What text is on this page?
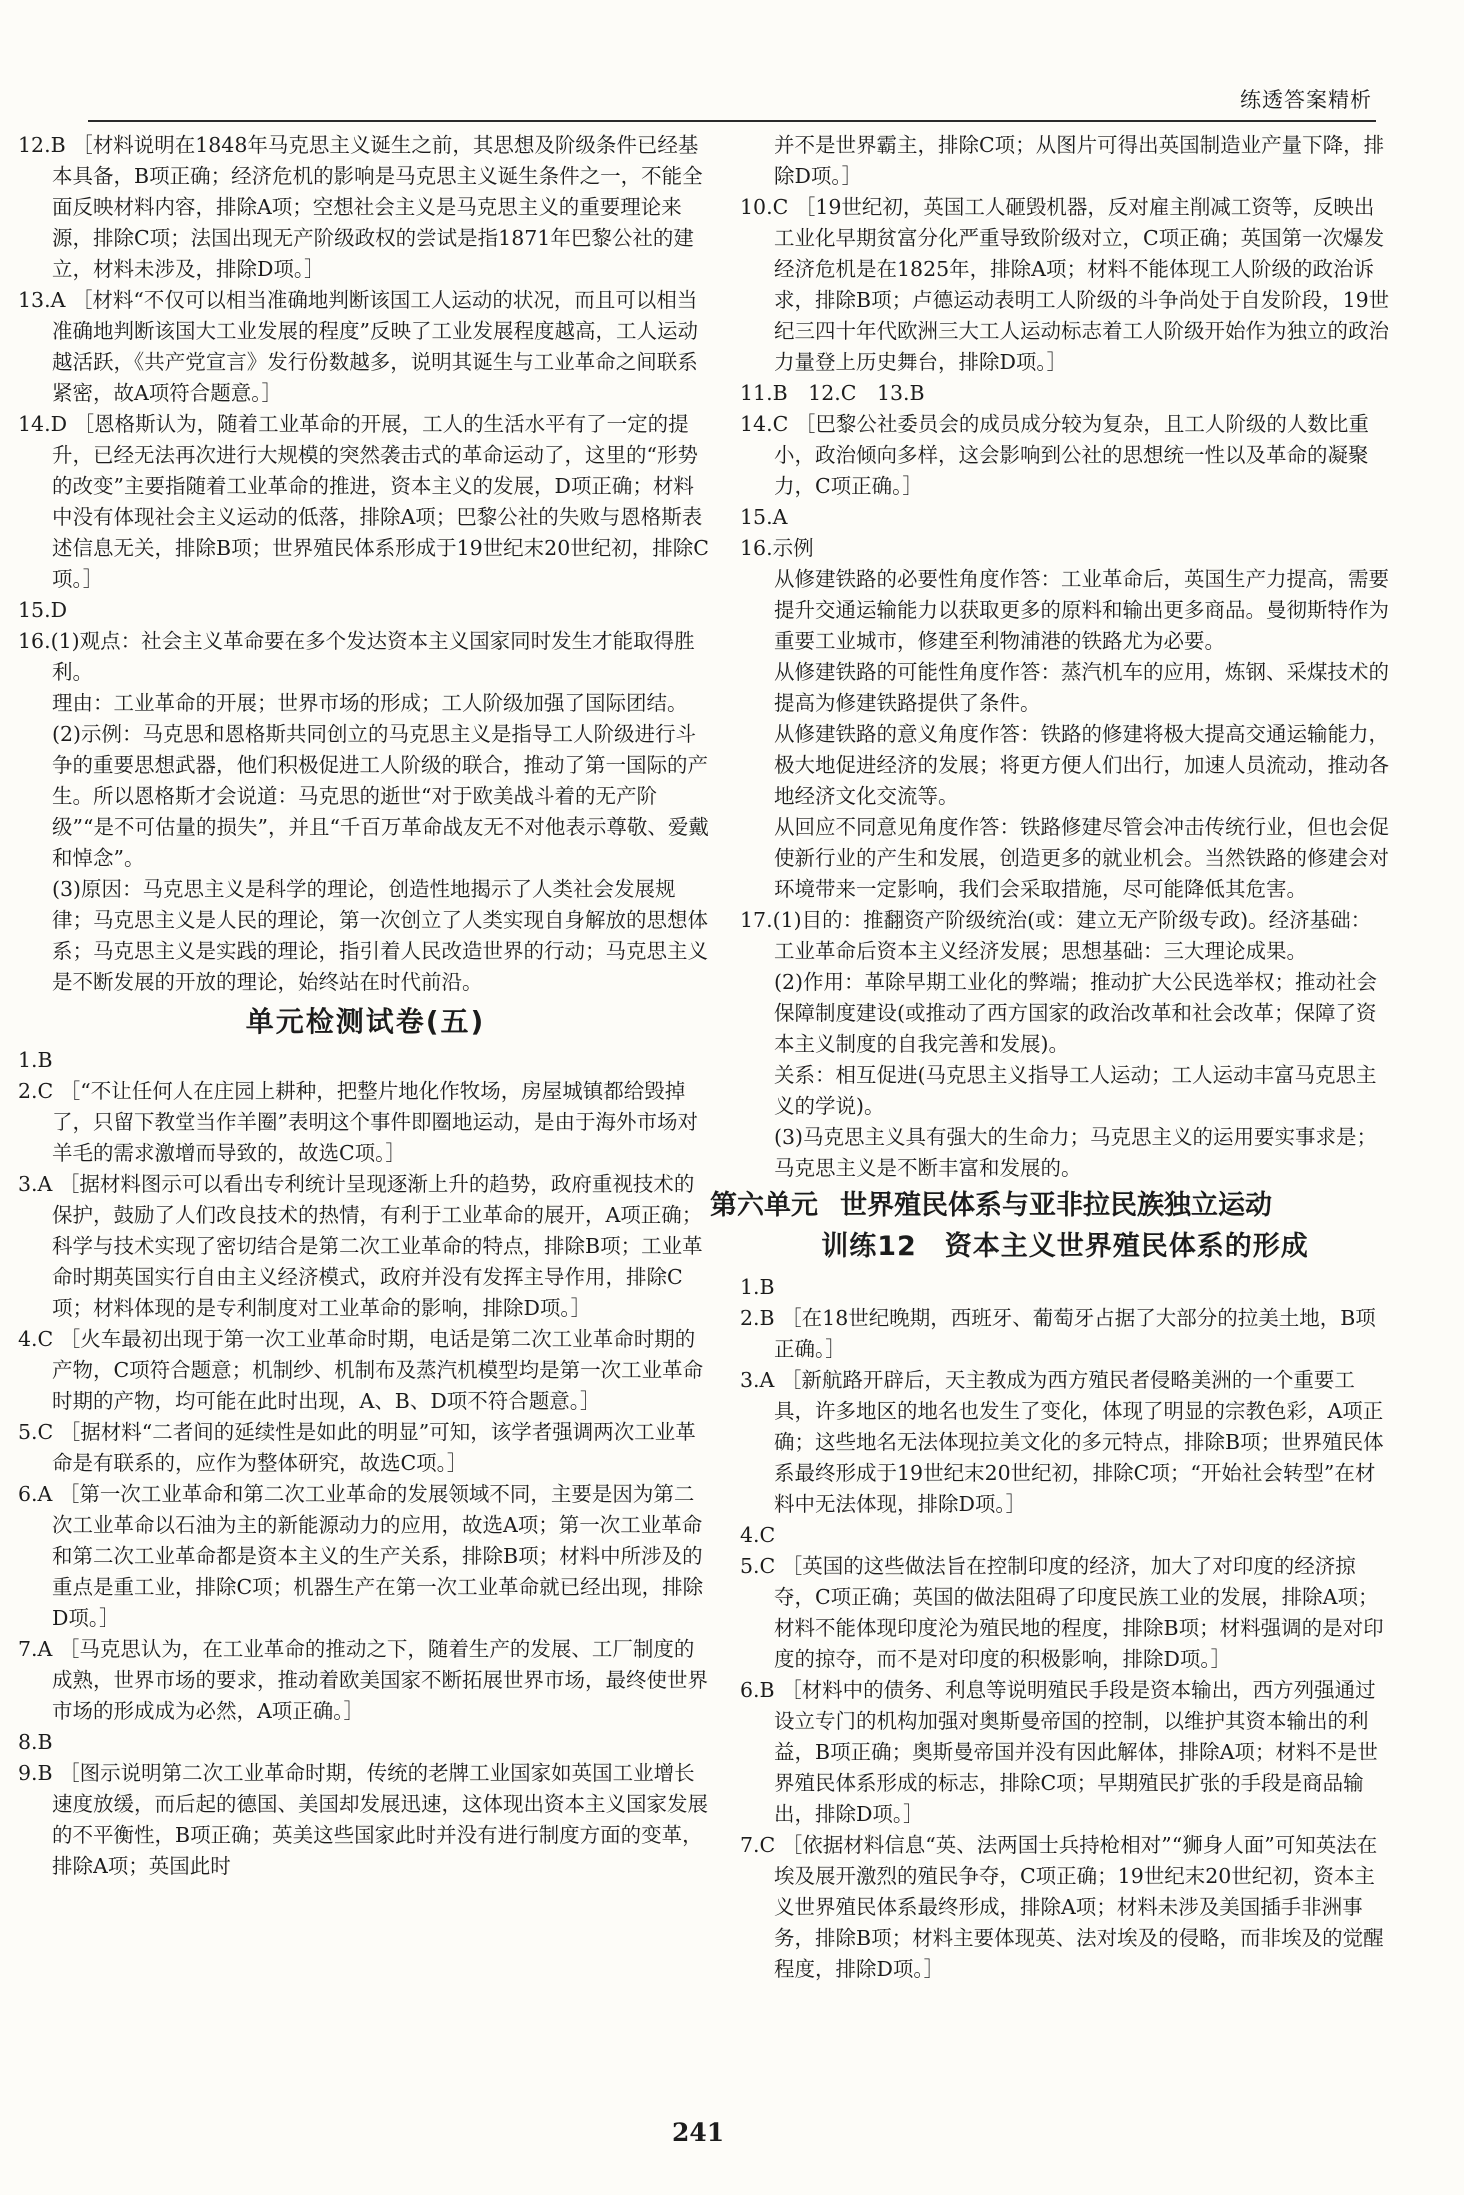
练透答案精析

12.B ［材料说明在1848年马克思主义诞生之前，其思想及阶级条件已经基本具备，B项正确；经济危机的影响是马克思主义诞生条件之一，不能全面反映材料内容，排除A项；空想社会主义是马克思主义的重要理论来源，排除C项；法国出现无产阶级政权的尝试是指1871年巴黎公社的建立，材料未涉及，排除D项。］

13.A ［材料“不仅可以相当准确地判断该国工人运动的状况，而且可以相当准确地判断该国大工业发展的程度”反映了工业发展程度越高，工人运动越活跃，《共产党宣言》发行份数越多，说明其诞生与工业革命之间联系紧密，故A项符合题意。］

14.D ［恩格斯认为，随着工业革命的开展，工人的生活水平有了一定的提升，已经无法再次进行大规模的突然袭击式的革命运动了，这里的“形势的改变”主要指随着工业革命的推进，资本主义的发展，D项正确；材料中没有体现社会主义运动的低落，排除A项；巴黎公社的失败与恩格斯表述信息无关，排除B项；世界殖民体系形成于19世纪末20世纪初，排除C项。］

15.D

16.(1)观点：社会主义革命要在多个发达资本主义国家同时发生才能取得胜利。

理由：工业革命的开展；世界市场的形成；工人阶级加强了国际团结。

(2)示例：马克思和恩格斯共同创立的马克思主义是指导工人阶级进行斗争的重要思想武器，他们积极促进工人阶级的联合，推动了第一国际的产生。所以恩格斯才会说道：马克思的逝世“对于欧美战斗着的无产阶级”“是不可估量的损失”，并且“千百万革命战友无不对他表示尊敬、爱戴和悼念”。

(3)原因：马克思主义是科学的理论，创造性地揭示了人类社会发展规律；马克思主义是人民的理论，第一次创立了人类实现自身解放的思想体系；马克思主义是实践的理论，指引着人民改造世界的行动；马克思主义是不断发展的开放的理论，始终站在时代前沿。

单元检测试卷(五)

1.B

2.C ［“不让任何人在庄园上耕种，把整片地化作牧场，房屋城镇都给毁掉了，只留下教堂当作羊圈”表明这个事件即圈地运动，是由于海外市场对羊毛的需求激增而导致的，故选C项。］

3.A ［据材料图示可以看出专利统计呈现逐渐上升的趋势，政府重视技术的保护，鼓励了人们改良技术的热情，有利于工业革命的展开，A项正确；科学与技术实现了密切结合是第二次工业革命的特点，排除B项；工业革命时期英国实行自由主义经济模式，政府并没有发挥主导作用，排除C项；材料体现的是专利制度对工业革命的影响，排除D项。］

4.C ［火车最初出现于第一次工业革命时期，电话是第二次工业革命时期的产物，C项符合题意；机制纱、机制布及蒸汽机模型均是第一次工业革命时期的产物，均可能在此时出现，A、B、D项不符合题意。］

5.C ［据材料“二者间的延续性是如此的明显”可知，该学者强调两次工业革命是有联系的，应作为整体研究，故选C项。］

6.A ［第一次工业革命和第二次工业革命的发展领域不同，主要是因为第二次工业革命以石油为主的新能源动力的应用，故选A项；第一次工业革命和第二次工业革命都是资本主义的生产关系，排除B项；材料中所涉及的重点是重工业，排除C项；机器生产在第一次工业革命就已经出现，排除D项。］

7.A ［马克思认为，在工业革命的推动之下，随着生产的发展、工厂制度的成熟，世界市场的要求，推动着欧美国家不断拓展世界市场，最终使世界市场的形成成为必然，A项正确。］

8.B

9.B ［图示说明第二次工业革命时期，传统的老牌工业国家如英国工业增长速度放缓，而后起的德国、美国却发展迅速，这体现出资本主义国家发展的不平衡性，B项正确；英美这些国家此时并没有进行制度方面的变革，排除A项；英国此时

并不是世界霸主，排除C项；从图片可得出英国制造业产量下降，排除D项。］

10.C ［19世纪初，英国工人砸毁机器，反对雇主削减工资等，反映出工业化早期贫富分化严重导致阶级对立，C项正确；英国第一次爆发经济危机是在1825年，排除A项；材料不能体现工人阶级的政治诉求，排除B项；卢德运动表明工人阶级的斗争尚处于自发阶段，19世纪三四十年代欧洲三大工人运动标志着工人阶级开始作为独立的政治力量登上历史舞台，排除D项。］

11.B　 12.C　13.B

14.C ［巴黎公社委员会的成员成分较为复杂，且工人阶级的人数比重小，政治倾向多样，这会影响到公社的思想统一性以及革命的凝聚力，C项正确。］

15.A

16.示例

从修建铁路的必要性角度作答：工业革命后，英国生产力提高，需要提升交通运输能力以获取更多的原料和输出更多商品。曼彻斯特作为重要工业城市，修建至利物浦港的铁路尤为必要。

从修建铁路的可能性角度作答：蒸汽机车的应用，炼钢、采煤技术的提高为修建铁路提供了条件。

从修建铁路的意义角度作答：铁路的修建将极大提高交通运输能力，极大地促进经济的发展；将更方便人们出行，加速人员流动，推动各地经济文化交流等。

从回应不同意见角度作答：铁路修建尽管会冲击传统行业，但也会促使新行业的产生和发展，创造更多的就业机会。当然铁路的修建会对环境带来一定影响，我们会采取措施，尽可能降低其危害。

17.(1)目的：推翻资产阶级统治(或：建立无产阶级专政)。经济基础：工业革命后资本主义经济发展；思想基础：三大理论成果。

(2)作用：革除早期工业化的弊端；推动扩大公民选举权；推动社会保障制度建设(或推动了西方国家的政治改革和社会改革；保障了资本主义制度的自我完善和发展)。

关系：相互促进(马克思主义指导工人运动；工人运动丰富马克思主义的学说)。

(3)马克思主义具有强大的生命力；马克思主义的运用要实事求是；马克思主义是不断丰富和发展的。

第六单元 世界殖民体系与亚非拉民族独立运动
训练12　 资本主义世界殖民体系的形成

1.B

2.B ［在18世纪晚期，西班牙、葡萄牙占据了大部分的拉美土地，B项正确。］

3.A ［新航路开辟后，天主教成为西方殖民者侵略美洲的一个重要工具，许多地区的地名也发生了变化，体现了明显的宗教色彩，A项正确；这些地名无法体现拉美文化的多元特点，排除B项；世界殖民体系最终形成于19世纪末20世纪初，排除C项；“开始社会转型”在材料中无法体现，排除D项。］

4.C

5.C ［英国的这些做法旨在控制印度的经济，加大了对印度的经济掠夺，C项正确；英国的做法阻碍了印度民族工业的发展，排除A项；材料不能体现印度沦为殖民地的程度，排除B项；材料强调的是对印度的掠夺，而不是对印度的积极影响，排除D项。］

6.B ［材料中的债务、利息等说明殖民手段是资本输出，西方列强通过设立专门的机构加强对奥斯曼帝国的控制，以维护其资本输出的利益，B项正确；奥斯曼帝国并没有因此解体，排除A项；材料不是世界殖民体系形成的标志，排除C项；早期殖民扩张的手段是商品输出，排除D项。］

7.C ［依据材料信息“英、法两国士兵持枪相对”“狮身人面”可知英法在埃及展开激烈的殖民争夺，C项正确；19世纪末20世纪初，资本主义世界殖民体系最终形成，排除A项；材料未涉及美国插手非洲事务，排除B项；材料主要体现英、法对埃及的侵略，而非埃及的觉醒程度，排除D项。］

241
